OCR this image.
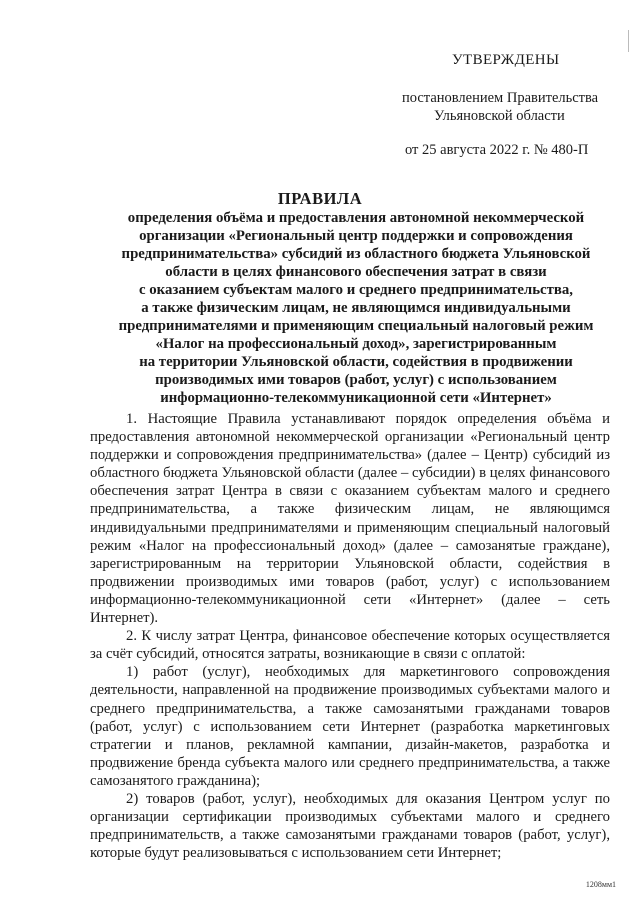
УТВЕРЖДЕНЫ
постановлением Правительства
Ульяновской области
от 25 августа 2022 г. № 480-П
ПРАВИЛА
определения объёма и предоставления автономной некоммерческой
организации «Региональный центр поддержки и сопровождения
предпринимательства» субсидий из областного бюджета Ульяновской
области в целях финансового обеспечения затрат в связи
с оказанием субъектам малого и среднего предпринимательства,
а также физическим лицам, не являющимся индивидуальными
предпринимателями и применяющим специальный налоговый режим
«Налог на профессиональный доход», зарегистрированным
на территории Ульяновской области, содействия в продвижении
производимых ими товаров (работ, услуг) с использованием
информационно-телекоммуникационной сети «Интернет»

1. Настоящие Правила устанавливают порядок определения объёма и предоставления автономной некоммерческой организации «Региональный центр поддержки и сопровождения предпринимательства» (далее – Центр) субсидий из областного бюджета Ульяновской области (далее – субсидии) в целях финансового обеспечения затрат Центра в связи с оказанием субъектам малого и среднего предпринимательства, а также физическим лицам, не являющимся индивидуальными предпринимателями и применяющим специальный налоговый режим «Налог на профессиональный доход» (далее – самозанятые граждане), зарегистрированным на территории Ульяновской области, содействия в продвижении производимых ими товаров (работ, услуг) с использованием информационно-телекоммуникационной сети «Интернет» (далее – сеть Интернет).

2. К числу затрат Центра, финансовое обеспечение которых осуществляется за счёт субсидий, относятся затраты, возникающие в связи с оплатой:

1) работ (услуг), необходимых для маркетингового сопровождения деятельности, направленной на продвижение производимых субъектами малого и среднего предпринимательства, а также самозанятыми гражданами товаров (работ, услуг) с использованием сети Интернет (разработка маркетинговых стратегии и планов, рекламной кампании, дизайн-макетов, разработка и продвижение бренда субъекта малого или среднего предпринимательства, а также самозанятого гражданина);

2) товаров (работ, услуг), необходимых для оказания Центром услуг по организации сертификации производимых субъектами малого и среднего предпринимательств, а также самозанятыми гражданами товаров (работ, услуг), которые будут реализовываться с использованием сети Интернет;

1208мм1
